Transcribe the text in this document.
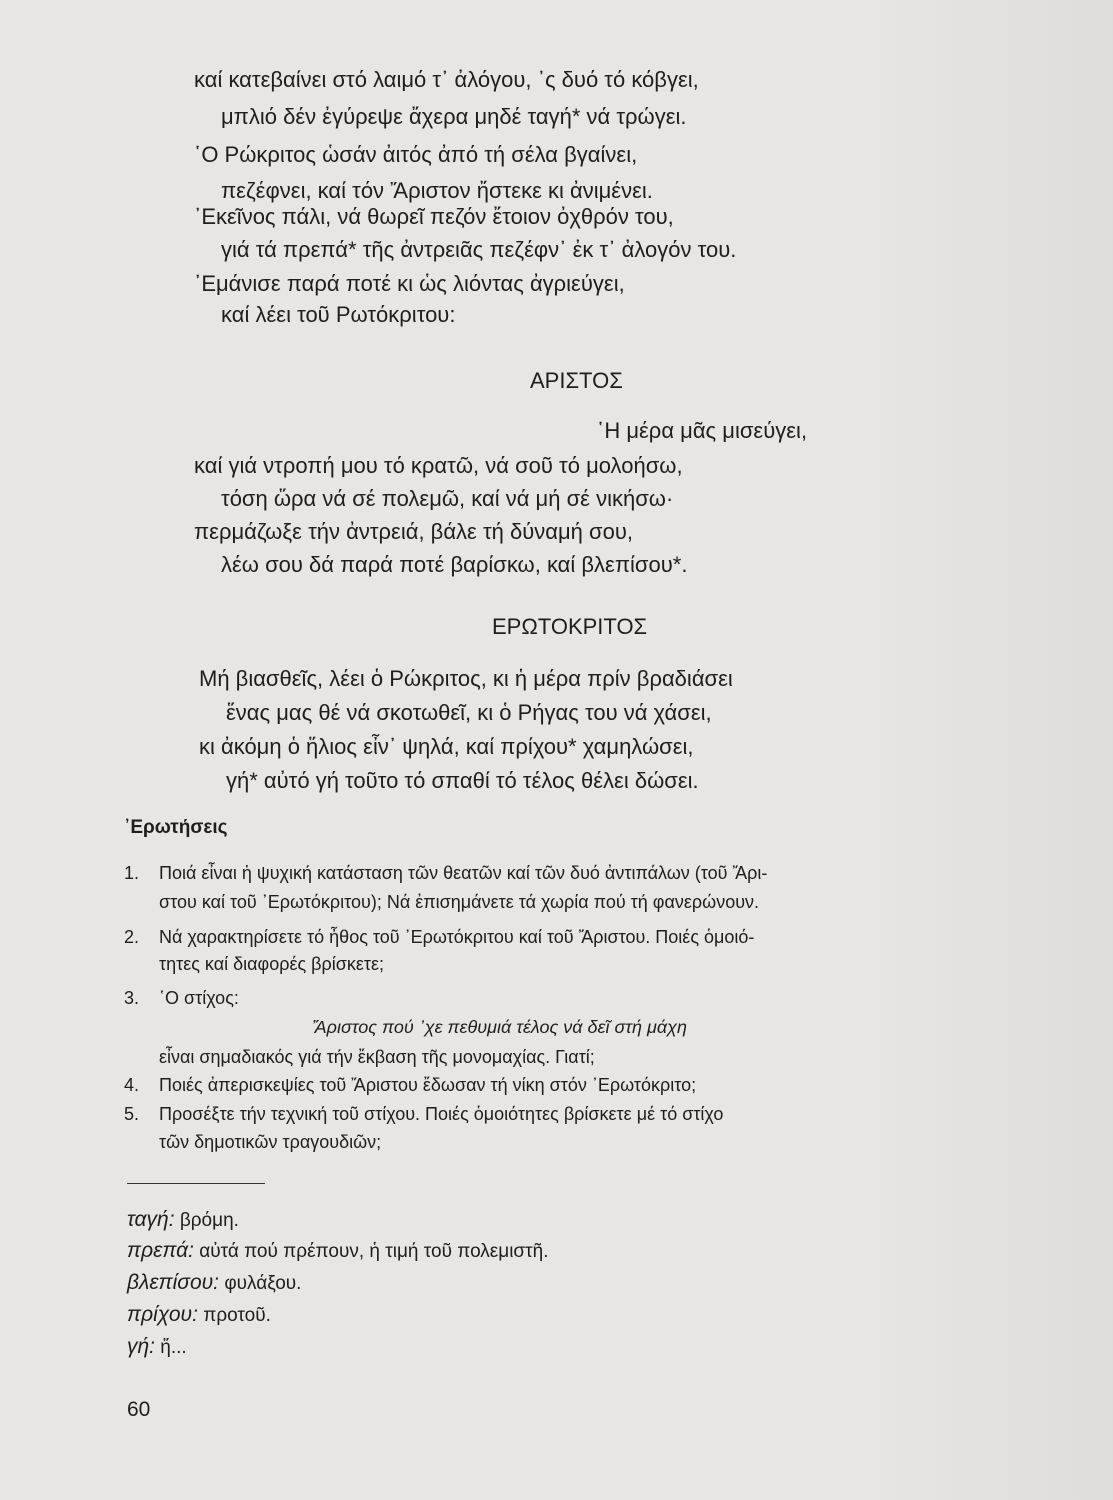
καί κατεβαίνει στό λαιμό τ᾽ ἀλόγου, ᾽ς δυό τό κόβγει,
μπλιό δέν ἐγύρεψε ἄχερα μηδέ ταγή* νά τρώγει.
῾Ο Ρώκριτος ὡσάν ἀιτός ἀπό τή σέλα βγαίνει,
πεζέφνει, καί τόν Ἄριστον ἤστεκε κι ἀνιμένει.
᾽Εκεῖνος πάλι, νά θωρεῖ πεζόν ἔτοιον ὀχθρόν του,
γιά τά πρεπά* τῆς ἀντρειᾶς πεζέφν᾽ ἐκ τ᾽ ἀλογόν του.
᾽Εμάνισε παρά ποτέ κι ὡς λιόντας ἀγριεύγει,
καί λέει τοῦ Ρωτόκριτου:
ΑΡΙΣΤΟΣ
῾Η μέρα μᾶς μισεύγει,
καί γιά ντροπή μου τό κρατῶ, νά σοῦ τό μολοήσω,
τόση ὥρα νά σέ πολεμῶ, καί νά μή σέ νικήσω·
περμάζωξε τήν ἀντρειά, βάλε τή δύναμή σου,
λέω σου δά παρά ποτέ βαρίσκω, καί βλεπίσου*.
ΕΡΩΤΟΚΡΙΤΟΣ
Μή βιασθεῖς, λέει ὁ Ρώκριτος, κι ἡ μέρα πρίν βραδιάσει
ἕνας μας θέ νά σκοτωθεῖ, κι ὁ Ρήγας του νά χάσει,
κι ἀκόμη ὁ ἥλιος εἶν᾽ ψηλά, καί πρίχου* χαμηλώσει,
γή* αὐτό γή τοῦτο τό σπαθί τό τέλος θέλει δώσει.
᾽Ερωτήσεις
1. Ποιά εἶναι ἡ ψυχική κατάσταση τῶν θεατῶν καί τῶν δυό ἀντιπάλων (τοῦ Ἄρι-
στου καί τοῦ ᾽Ερωτόκριτου); Νά ἐπισημάνετε τά χωρία πού τή φανερώνουν.
2. Νά χαρακτηρίσετε τό ἦθος τοῦ ᾽Ερωτόκριτου καί τοῦ Ἄριστου. Ποιές ὁμοιό-
τητες καί διαφορές βρίσκετε;
3. ῾Ο στίχος:
Ἄριστος πού ᾽χε πεθυμιά τέλος νά δεῖ στή μάχη
εἶναι σημαδιακός γιά τήν ἔκβαση τῆς μονομαχίας. Γιατί;
4. Ποιές ἀπερισκεψίες τοῦ Ἄριστου ἔδωσαν τή νίκη στόν ᾽Ερωτόκριτο;
5. Προσέξτε τήν τεχνική τοῦ στίχου. Ποιές ὁμοιότητες βρίσκετε μέ τό στίχο
τῶν δημοτικῶν τραγουδιῶν;
ταγή: βρόμη.
πρεπά: αὐτά πού πρέπουν, ἡ τιμή τοῦ πολεμιστῆ.
βλεπίσου: φυλάξου.
πρίχου: προτοῦ.
γή: ἤ...
60
